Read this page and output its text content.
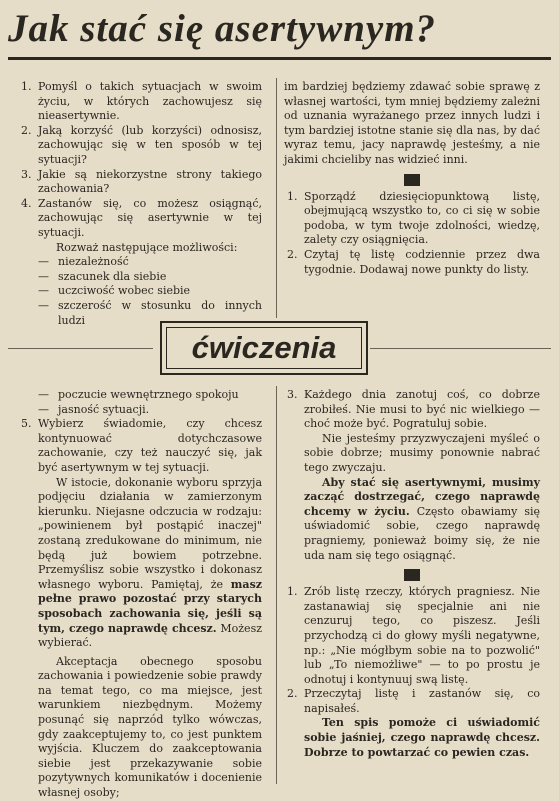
Jak stać się asertywnym?

1. Pomyśl o takich sytuacjach w swoim życiu, w których zachowujesz się nieasertywnie.

2. Jaką korzyść (lub korzyści) odnosisz, zachowując się w ten sposób w tej sytuacji?

3. Jakie są niekorzystne strony takiego zachowania?

4. Zastanów się, co możesz osiągnąć, zachowując się asertywnie w tej sytuacji.

Rozważ następujące możliwości:

— niezależność

— szacunek dla siebie

— uczciwość wobec siebie

— szczerość w stosunku do innych ludzi

im bardziej będziemy zdawać sobie sprawę z własnej wartości, tym mniej będziemy zależni od uznania wyrażanego przez innych ludzi i tym bardziej istotne stanie się dla nas, by dać wyraz temu, jacy naprawdę jesteśmy, a nie jakimi chcieliby nas widzieć inni.

1. Sporządź dziesięciopunktową listę, obejmującą wszystko to, co ci się w sobie podoba, w tym twoje zdolności, wiedzę, zalety czy osiągnięcia.

2. Czytaj tę listę codziennie przez dwa tygodnie. Dodawaj nowe punkty do listy.

ćwiczenia

— poczucie wewnętrznego spokoju

— jasność sytuacji.

5. Wybierz świadomie, czy chcesz kontynuować dotychczasowe zachowanie, czy też nauczyć się, jak być asertywnym w tej sytuacji.

W istocie, dokonanie wyboru sprzyja podjęciu działania w zamierzonym kierunku. Niejasne odczucia w rodzaju: „powinienem był postąpić inaczej" zostaną zredukowane do minimum, nie będą już bowiem potrzebne. Przemyślisz sobie wszystko i dokonasz własnego wyboru. Pamiętaj, że masz pełne prawo pozostać przy starych sposobach zachowania się, jeśli są tym, czego naprawdę chcesz. Możesz wybierać.

Akceptacja obecnego sposobu zachowania i powiedzenie sobie prawdy na temat tego, co ma miejsce, jest warunkiem niezbędnym. Możemy posunąć się naprzód tylko wówczas, gdy zaakceptujemy to, co jest punktem wyjścia. Kluczem do zaakceptowania siebie jest przekazywanie sobie pozytywnych komunikatów i docenienie własnej osoby;

3. Każdego dnia zanotuj coś, co dobrze zrobiłeś. Nie musi to być nic wielkiego — choć może być. Pogratuluj sobie.

Nie jesteśmy przyzwyczajeni myśleć o sobie dobrze; musimy ponownie nabrać tego zwyczaju.

Aby stać się asertywnymi, musimy zacząć dostrzegać, czego naprawdę chcemy w życiu. Często obawiamy się uświadomić sobie, czego naprawdę pragniemy, ponieważ boimy się, że nie uda nam się tego osiągnąć.

1. Zrób listę rzeczy, których pragniesz. Nie zastanawiaj się specjalnie ani nie cenzuruj tego, co piszesz. Jeśli przychodzą ci do głowy myśli negatywne, np.: „Nie mógłbym sobie na to pozwolić" lub „To niemożliwe" — to po prostu je odnotuj i kontynuuj swą listę.

2. Przeczytaj listę i zastanów się, co napisałeś.

Ten spis pomoże ci uświadomić sobie jaśniej, czego naprawdę chcesz. Dobrze to powtarzać co pewien czas.
